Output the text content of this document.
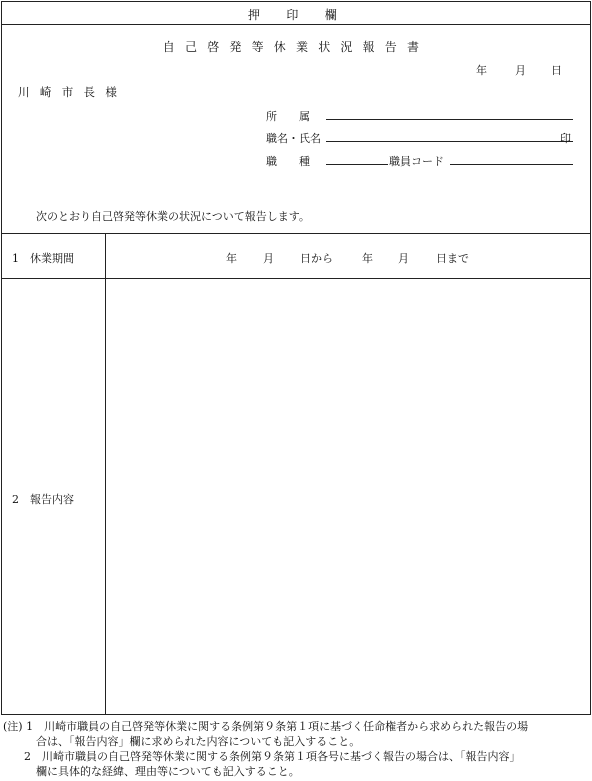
押　印　欄
自己啓発等休業状況報告書
年	月 日
川崎市長様
所　　属
職名・氏名	印
職　　種	職員コード
次のとおり自己啓発等休業の状況について報告します。
1　休業期間	年 月 日から	年 月 日まで
2　報告内容
(注) 1　川崎市職員の自己啓発等休業に関する条例第９条第１項に基づく任命権者から求められた報告の場
合は、「報告内容」欄に求められた内容についても記入すること。
2　川崎市職員の自己啓発等休業に関する条例第９条第１項各号に基づく報告の場合は、「報告内容」
欄に具体的な経緯、理由等についても記入すること。
